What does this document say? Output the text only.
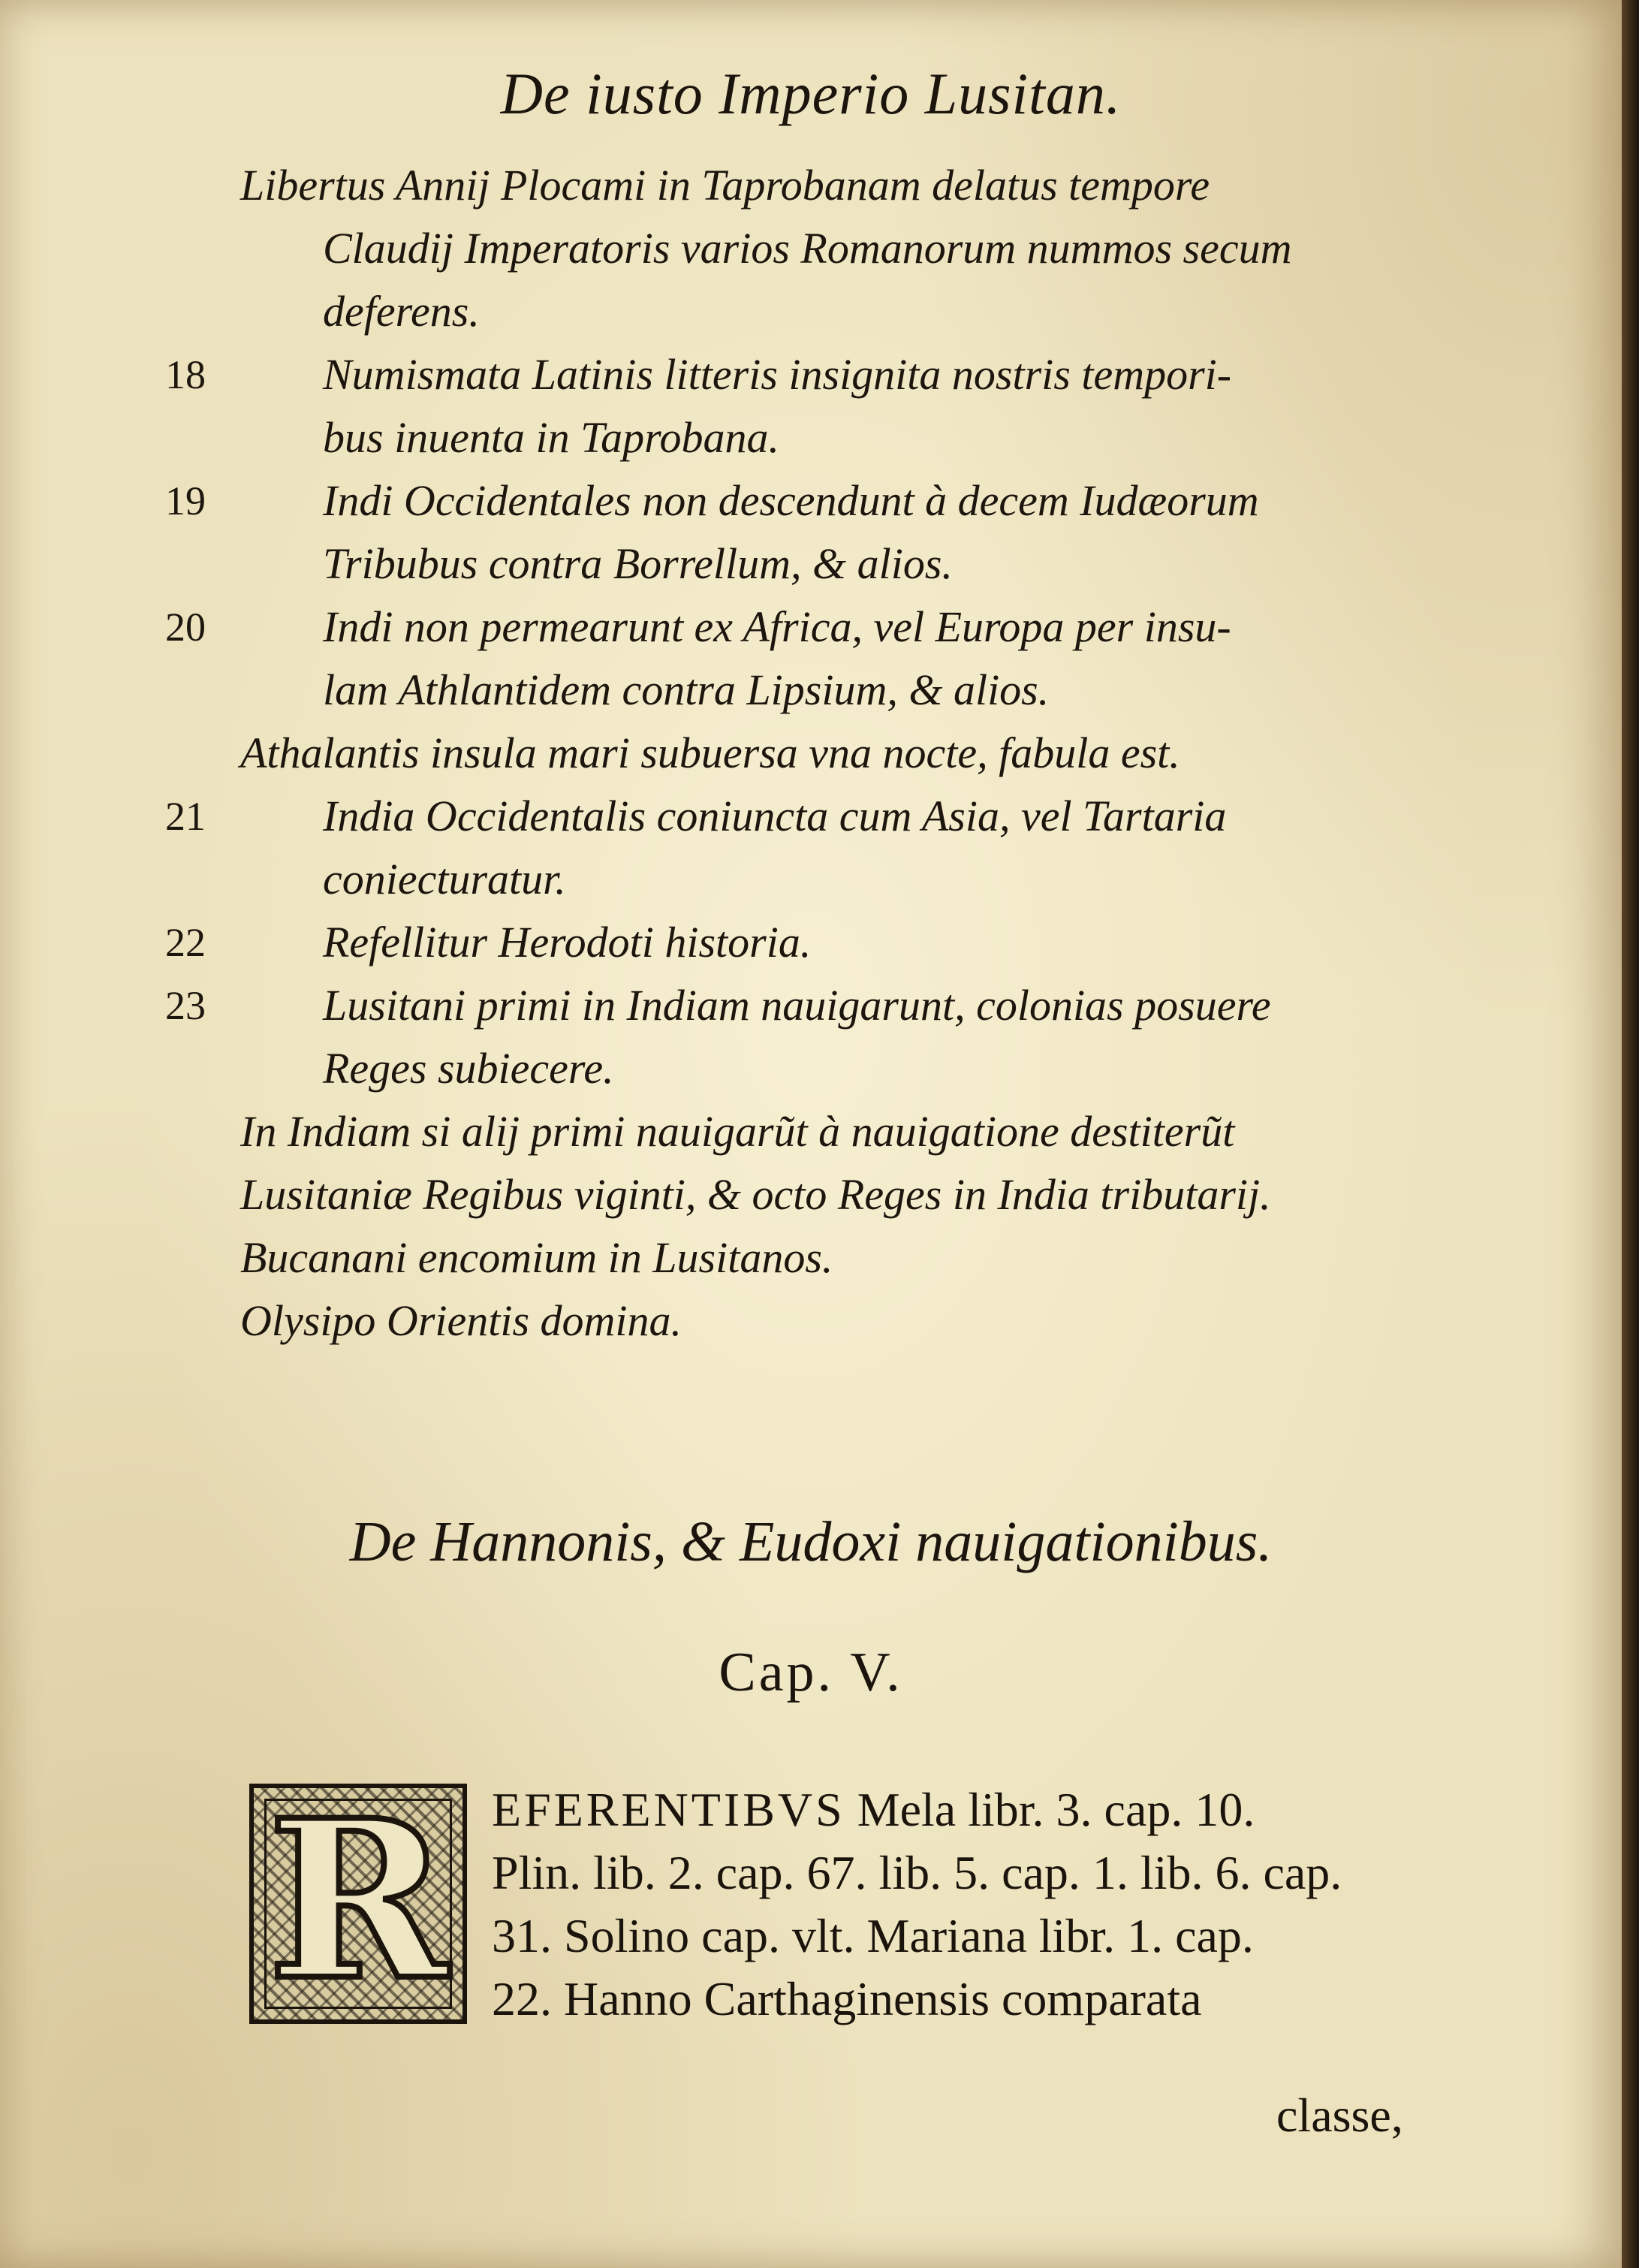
De iusto Imperio Lusitan.
Libertus Annij Plocami in Taprobanam delatus tempore
Claudij Imperatoris varios Romanorum nummos secum
deferens.
18	Numismata Latinis litteris insignita nostris tempori-
bus inuenta in Taprobana.
19	Indi Occidentales non descendunt à decem Iudæorum
Tribubus contra Borrellum, & alios.
20	Indi non permearunt ex Africa, vel Europa per insu-
lam Athlantidem contra Lipsium, & alios.
Athalantis insula mari subuersa vna nocte, fabula est.
21	India Occidentalis coniuncta cum Asia, vel Tartaria
coniecturatur.
22	Refellitur Herodoti historia.
23	Lusitani primi in Indiam nauigarunt, colonias posuere
Reges subiecere.
In Indiam si alij primi nauigarũt à nauigatione destiterũt
Lusitaniæ Regibus viginti, & octo Reges in India tributarij.
Bucanani encomium in Lusitanos.
Olysipo Orientis domina.
De Hannonis, & Eudoxi nauigationibus.
Cap. V.
R EFERENTIBVS Mela libr. 3. cap. 10.
Plin. lib. 2. cap. 67. lib. 5. cap. 1. lib. 6. cap.
31. Solino cap. vlt. Mariana libr. 1. cap.
22. Hanno Carthaginensis comparata
classe,
